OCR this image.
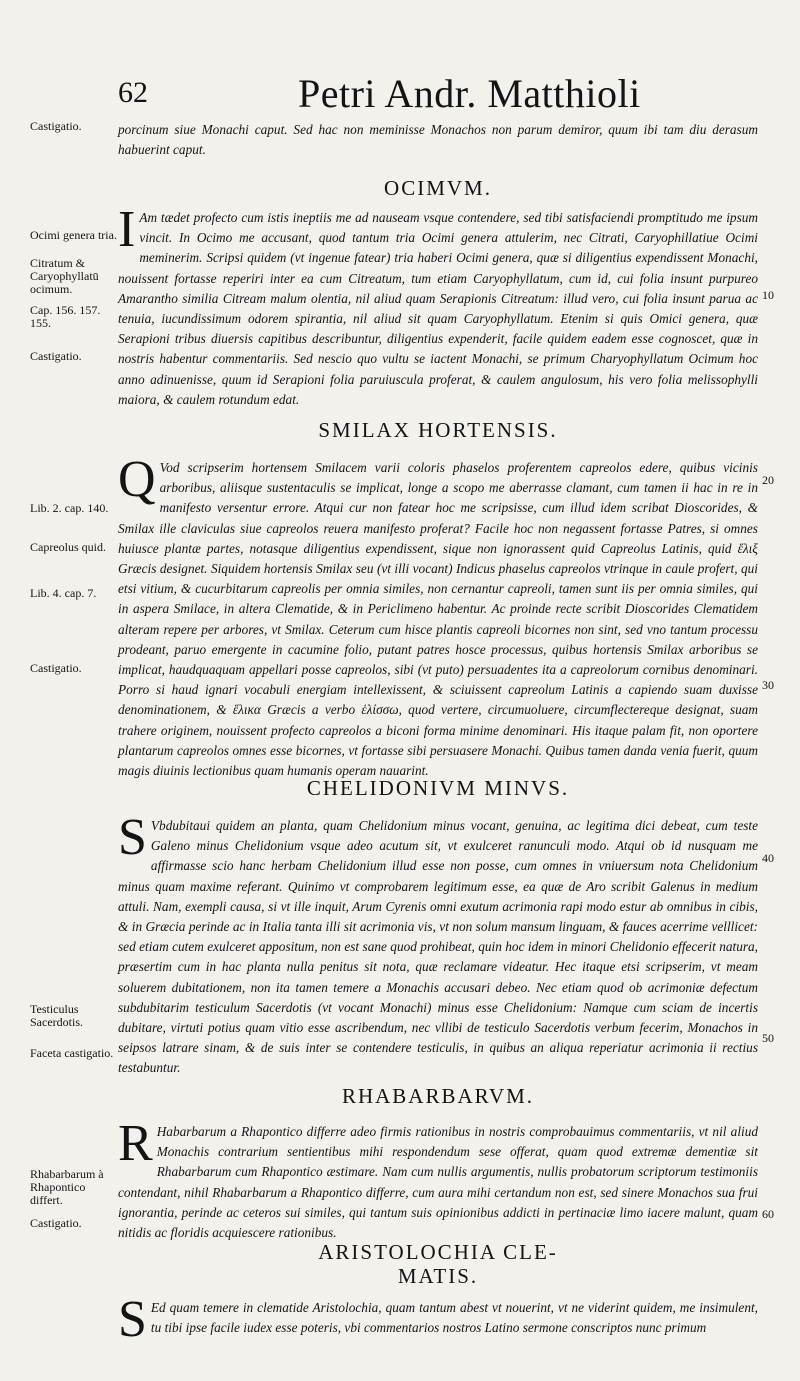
62	Petri Andr. Matthioli
porcinum siue Monachi caput. Sed hac non meminisse Monachos non parum demiror, quum ibi tam diu derasum habuerint caput.
OCIMVM.
I Am tædet profecto cum istis ineptiis me ad nauseam vsque contendere, sed tibi satisfaciendi promptitudo me ipsum vincit. In Ocimo me accusant, quod tantum tria Ocimi genera attulerim, nec Citrati, Caryophillatiue Ocimi meminerim. Scripsi quidem (vt ingenue fatear) tria haberi Ocimi genera, quæ si diligentius expendissent Monachi, nouissent fortasse reperiri inter ea cum Citreatum, tum etiam Caryophyllatum, cum id, cui folia insunt purpureo Amarantho similia Citream malum olentia, nil aliud quam Serapionis Citreatum: illud vero, cui folia insunt parua ac tenuia, iucundissimum odorem spirantia, nil aliud sit quam Caryophyllatum. Etenim si quis Omici genera, quæ Serapioni tribus diuersis capitibus describuntur, diligentius expenderit, facile quidem eadem esse cognoscet, quæ in nostris habentur commentariis. Sed nescio quo vultu se iactent Monachi, se primum Charyophyllatum Ocimum hoc anno adinuenisse, quum id Serapioni folia paruiuscula proferat, & caulem angulosum, his vero folia melissophylli maiora, & caulem rotundum edat.
SMILAX HORTENSIS.
Q Vod scripserim hortensem Smilacem varii coloris phaselos proferentem capreolos edere, quibus vicinis arboribus, aliisque sustentaculis se implicat, longe a scopo me aberrasse clamant, cum tamen ii hac in re in manifesto versentur errore. Atqui cur non fatear hoc me scripsisse, cum illud idem scribat Dioscorides, & Smilax ille claviculas siue capreolos reuera manifesto proferat? Facile hoc non negassent fortasse Patres, si omnes huiusce plantæ partes, notasque diligentius expendissent, sique non ignorassent quid Capreolus Latinis, quid ἕλιξ Græcis designet. Siquidem hortensis Smilax seu (vt illi vocant) Indicus phaselus capreolos vtrinque in caule profert, qui etsi vitium, & cucurbitarum capreolis per omnia similes, non cernantur capreoli, tamen sunt iis per omnia similes, qui in aspera Smilace, in altera Clematide, & in Periclimeno habentur. Ac proinde recte scribit Dioscorides Clematidem alteram repere per arbores, vt Smilax. Ceterum cum hisce plantis capreoli bicornes non sint, sed vno tantum processu prodeant, paruo emergente in cacumine folio, putant patres hosce processus, quibus hortensis Smilax arboribus se implicat, haudquaquam appellari posse capreolos, sibi (vt puto) persuadentes ita a capreolorum cornibus denominari. Porro si haud ignari vocabuli energiam intellexissent, & sciuissent capreolum Latinis a capiendo suam duxisse denominationem, & ἕλικα Græcis a verbo ἑλίσσω, quod vertere, circumuoluere, circumflectereque designat, suam trahere originem, nouissent profecto capreolos a biconi forma minime denominari. His itaque palam fit, non oportere plantarum capreolos omnes esse bicornes, vt fortasse sibi persuasere Monachi. Quibus tamen danda venia fuerit, quum magis diuinis lectionibus quam humanis operam nauarint.
CHELIDONIVM MINVS.
S Vbdubitaui quidem an planta, quam Chelidonium minus vocant, genuina, ac legitima dici debeat, cum teste Galeno minus Chelidonium vsque adeo acutum sit, vt exulceret ranunculi modo. Atqui ob id nusquam me affirmasse scio hanc herbam Chelidonium illud esse non posse, cum omnes in vniuersum nota Chelidonium minus quam maxime referant. Quinimo vt comprobarem legitimum esse, ea quæ de Aro scribit Galenus in medium attuli. Nam, exempli causa, si vt ille inquit, Arum Cyrenis omni exutum acrimonia rapi modo estur ab omnibus in cibis, & in Græcia perinde ac in Italia tanta illi sit acrimonia vis, vt non solum mansum linguam, & fauces acerrime velllicet: sed etiam cutem exulceret appositum, non est sane quod prohibeat, quin hoc idem in minori Chelidonio effecerit natura, præsertim cum in hac planta nulla penitus sit nota, quæ reclamare videatur. Hec itaque etsi scripserim, vt meam soluerem dubitationem, non ita tamen temere a Monachis accusari debeo. Nec etiam quod ob acrimoniæ defectum subdubitarim testiculum Sacerdotis (vt vocant Monachi) minus esse Chelidonium: Namque cum sciam de incertis dubitare, virtuti potius quam vitio esse ascribendum, nec vllibi de testiculo Sacerdotis verbum fecerim, Monachos in seipsos latrare sinam, & de suis inter se contendere testiculis, in quibus an aliqua reperiatur acrimonia ii rectius testabuntur.
RHABARBARVM.
R Habarbarum a Rhapontico differre adeo firmis rationibus in nostris comprobauimus commentariis, vt nil aliud Monachis contrarium sentientibus mihi respondendum sese offerat, quam quod extremæ dementiæ sit Rhabarbarum cum Rhapontico æstimare. Nam cum nullis argumentis, nullis probatorum scriptorum testimoniis contendant, nihil Rhabarbarum a Rhapontico differre, cum aura mihi certandum non est, sed sinere Monachos sua frui ignorantia, perinde ac ceteros sui similes, qui tantum suis opinionibus addicti in pertinaciæ limo iacere malunt, quam nitidis ac floridis acquiescere rationibus.
ARISTOLOCHIA CLE-
MATIS.
S Ed quam temere in clematide Aristolochia, quam tantum abest vt nouerint, vt ne viderint quidem, me insimulent, tu tibi ipse facile iudex esse poteris, vbi commentarios nostros Latino sermone conscriptos nunc primum
Castigatio.
Ocimi genera tria.
Citratum & Caryophyllatū ocimum.
Cap. 156. 157. 155.
Castigatio.
Lib. 2. cap. 140.
Capreolus quid.
Lib. 4. cap. 7.
Castigatio.
Testiculus Sacerdotis.
Faceta castigatio.
Rhabarbarum à Rhapontico differt.
Castigatio.
10
20
30
40
50
60
